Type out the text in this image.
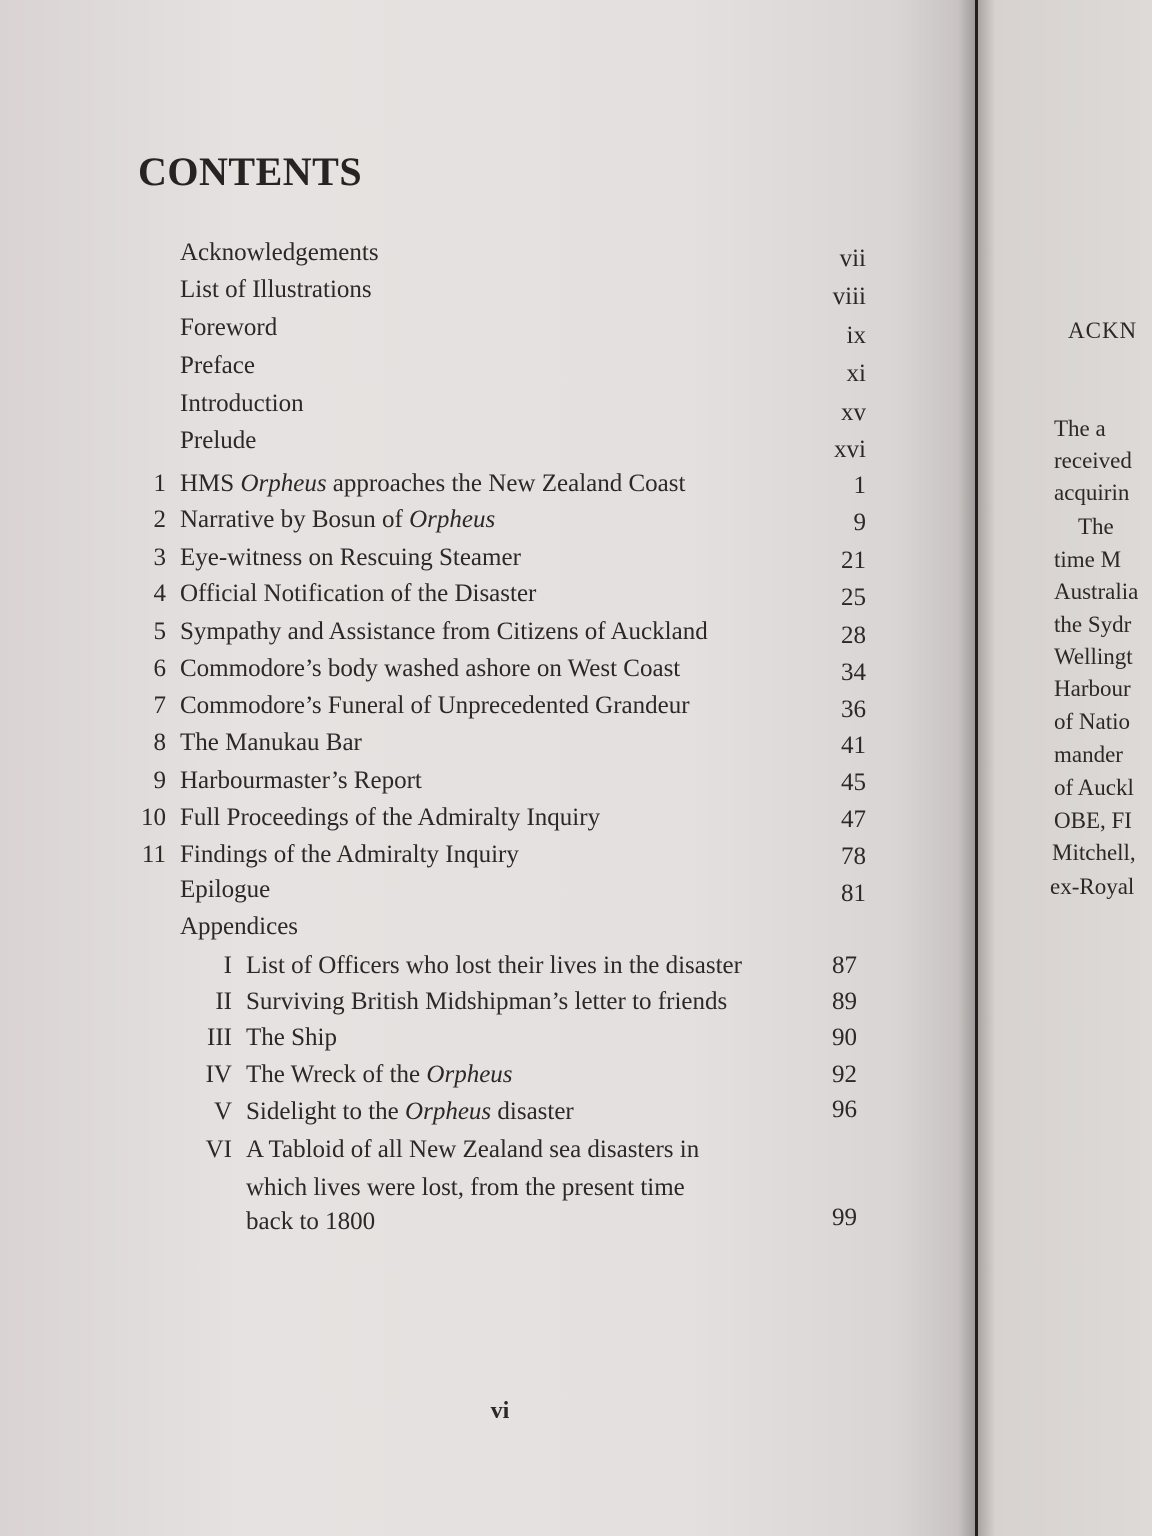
CONTENTS
Acknowledgements	vii
List of Illustrations	viii
Foreword	ix
Preface	xi
Introduction	xv
Prelude	xvi
1 HMS Orpheus approaches the New Zealand Coast	1
2 Narrative by Bosun of Orpheus	9
3 Eye-witness on Rescuing Steamer	21
4 Official Notification of the Disaster	25
5 Sympathy and Assistance from Citizens of Auckland	28
6 Commodore’s body washed ashore on West Coast	34
7 Commodore’s Funeral of Unprecedented Grandeur	36
8 The Manukau Bar	41
9 Harbourmaster’s Report	45
10 Full Proceedings of the Admiralty Inquiry	47
11 Findings of the Admiralty Inquiry	78
Epilogue	81
Appendices
I List of Officers who lost their lives in the disaster	87
II Surviving British Midshipman’s letter to friends	89
III The Ship	90
IV The Wreck of the Orpheus	92
V Sidelight to the Orpheus disaster	96
VI A Tabloid of all New Zealand sea disasters in
which lives were lost, from the present time
back to 1800	99
vi
ACKN
The a
received
acquirin
The
time M
Australia
the Sydr
Wellingt
Harbour
of Natio
mander
of Auckl
OBE, FI
Mitchell,
ex-Royal
